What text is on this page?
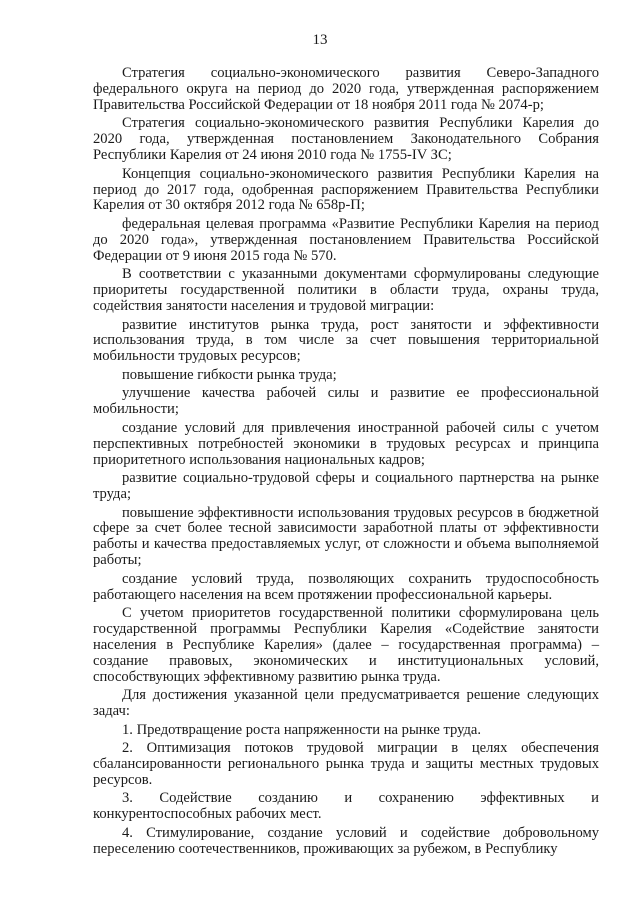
13

Стратегия социально-экономического развития Северо-Западного федерального округа на период до 2020 года, утвержденная распоряжением Правительства Российской Федерации от 18 ноября 2011 года № 2074-р;

Стратегия социально-экономического развития Республики Карелия до 2020 года, утвержденная постановлением Законодательного Собрания Республики Карелия от 24 июня 2010 года № 1755-IV ЗС;

Концепция социально-экономического развития Республики Карелия на период до 2017 года, одобренная распоряжением Правительства Республики Карелия от 30 октября 2012 года № 658р-П;

федеральная целевая программа «Развитие Республики Карелия на период до 2020 года», утвержденная постановлением Правительства Российской Федерации от 9 июня 2015 года № 570.

В соответствии с указанными документами сформулированы следующие приоритеты государственной политики в области труда, охраны труда, содействия занятости населения и трудовой миграции:

развитие институтов рынка труда, рост занятости и эффективности использования труда, в том числе за счет повышения территориальной мобильности трудовых ресурсов;

повышение гибкости рынка труда;

улучшение качества рабочей силы и развитие ее профессиональной мобильности;

создание условий для привлечения иностранной рабочей силы с учетом перспективных потребностей экономики в трудовых ресурсах и принципа приоритетного использования национальных кадров;

развитие социально-трудовой сферы и социального партнерства на рынке труда;

повышение эффективности использования трудовых ресурсов в бюджетной сфере за счет более тесной зависимости заработной платы от эффективности работы и качества предоставляемых услуг, от сложности и объема выполняемой работы;

создание условий труда, позволяющих сохранить трудоспособность работающего населения на всем протяжении профессиональной карьеры.

С учетом приоритетов государственной политики сформулирована цель государственной программы Республики Карелия «Содействие занятости населения в Республике Карелия» (далее – государственная программа) – создание правовых, экономических и институциональных условий, способствующих эффективному развитию рынка труда.

Для достижения указанной цели предусматривается решение следующих задач:

1. Предотвращение роста напряженности на рынке труда.

2. Оптимизация потоков трудовой миграции в целях обеспечения сбалансированности регионального рынка труда и защиты местных трудовых ресурсов.

3. Содействие созданию и сохранению эффективных и конкурентоспособных рабочих мест.

4. Стимулирование, создание условий и содействие добровольному переселению соотечественников, проживающих за рубежом, в Республику
